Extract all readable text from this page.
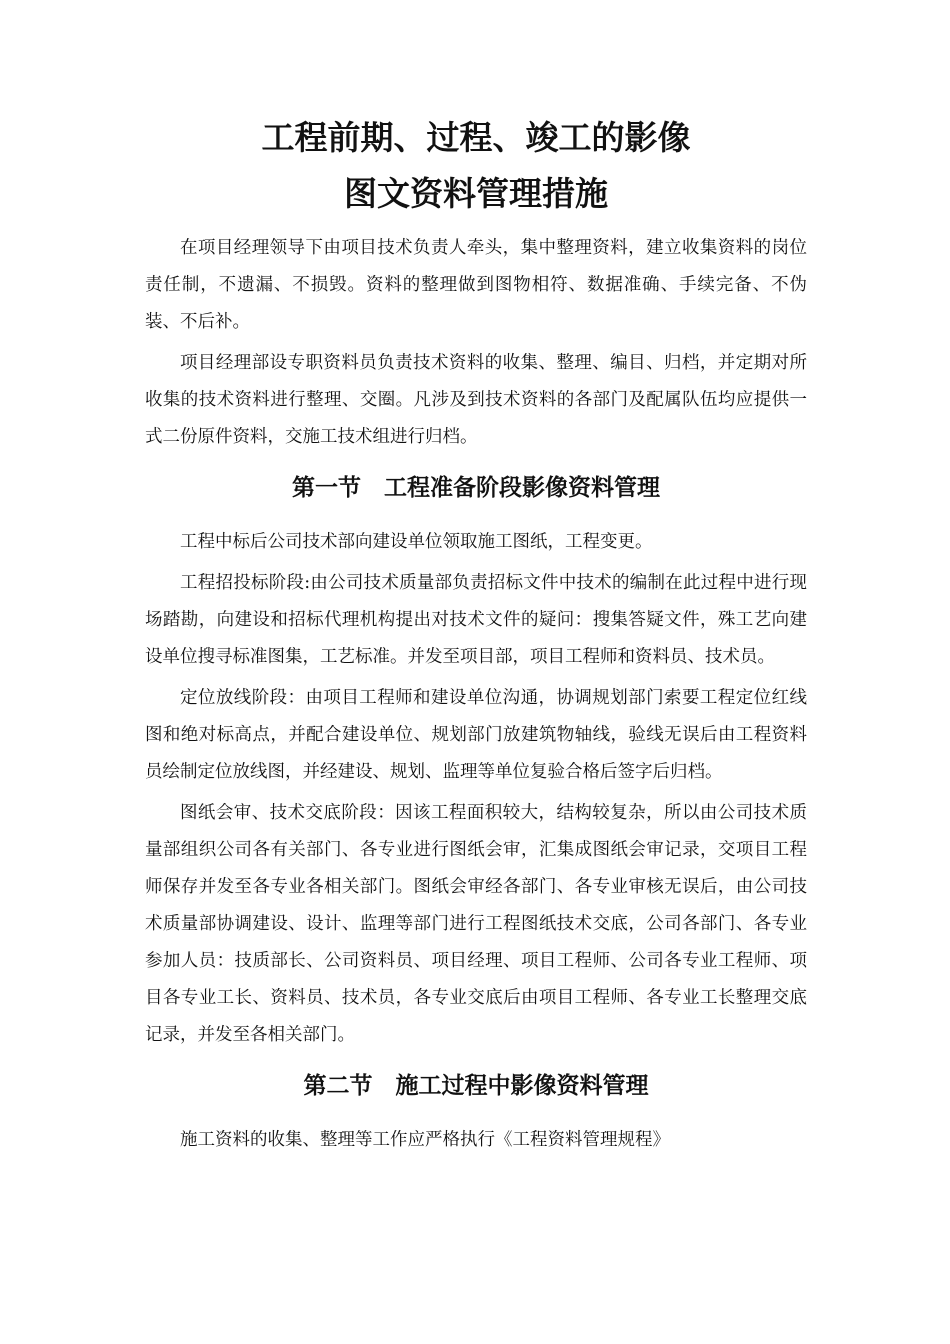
工程前期、过程、竣工的影像
图文资料管理措施

在项目经理领导下由项目技术负责人牵头，集中整理资料，建立收集资料的岗位责任制，不遗漏、不损毁。资料的整理做到图物相符、数据准确、手续完备、不伪装、不后补。

项目经理部设专职资料员负责技术资料的收集、整理、编目、归档，并定期对所收集的技术资料进行整理、交圈。凡涉及到技术资料的各部门及配属队伍均应提供一式二份原件资料，交施工技术组进行归档。

第一节　工程准备阶段影像资料管理

工程中标后公司技术部向建设单位领取施工图纸，工程变更。

工程招投标阶段:由公司技术质量部负责招标文件中技术的编制在此过程中进行现场踏勘，向建设和招标代理机构提出对技术文件的疑问：搜集答疑文件，殊工艺向建设单位搜寻标准图集，工艺标准。并发至项目部，项目工程师和资料员、技术员。

定位放线阶段：由项目工程师和建设单位沟通，协调规划部门索要工程定位红线图和绝对标高点，并配合建设单位、规划部门放建筑物轴线，验线无误后由工程资料员绘制定位放线图，并经建设、规划、监理等单位复验合格后签字后归档。

图纸会审、技术交底阶段：因该工程面积较大，结构较复杂，所以由公司技术质量部组织公司各有关部门、各专业进行图纸会审，汇集成图纸会审记录，交项目工程师保存并发至各专业各相关部门。图纸会审经各部门、各专业审核无误后，由公司技术质量部协调建设、设计、监理等部门进行工程图纸技术交底，公司各部门、各专业参加人员：技质部长、公司资料员、项目经理、项目工程师、公司各专业工程师、项目各专业工长、资料员、技术员，各专业交底后由项目工程师、各专业工长整理交底记录，并发至各相关部门。

第二节　施工过程中影像资料管理

施工资料的收集、整理等工作应严格执行《工程资料管理规程》
